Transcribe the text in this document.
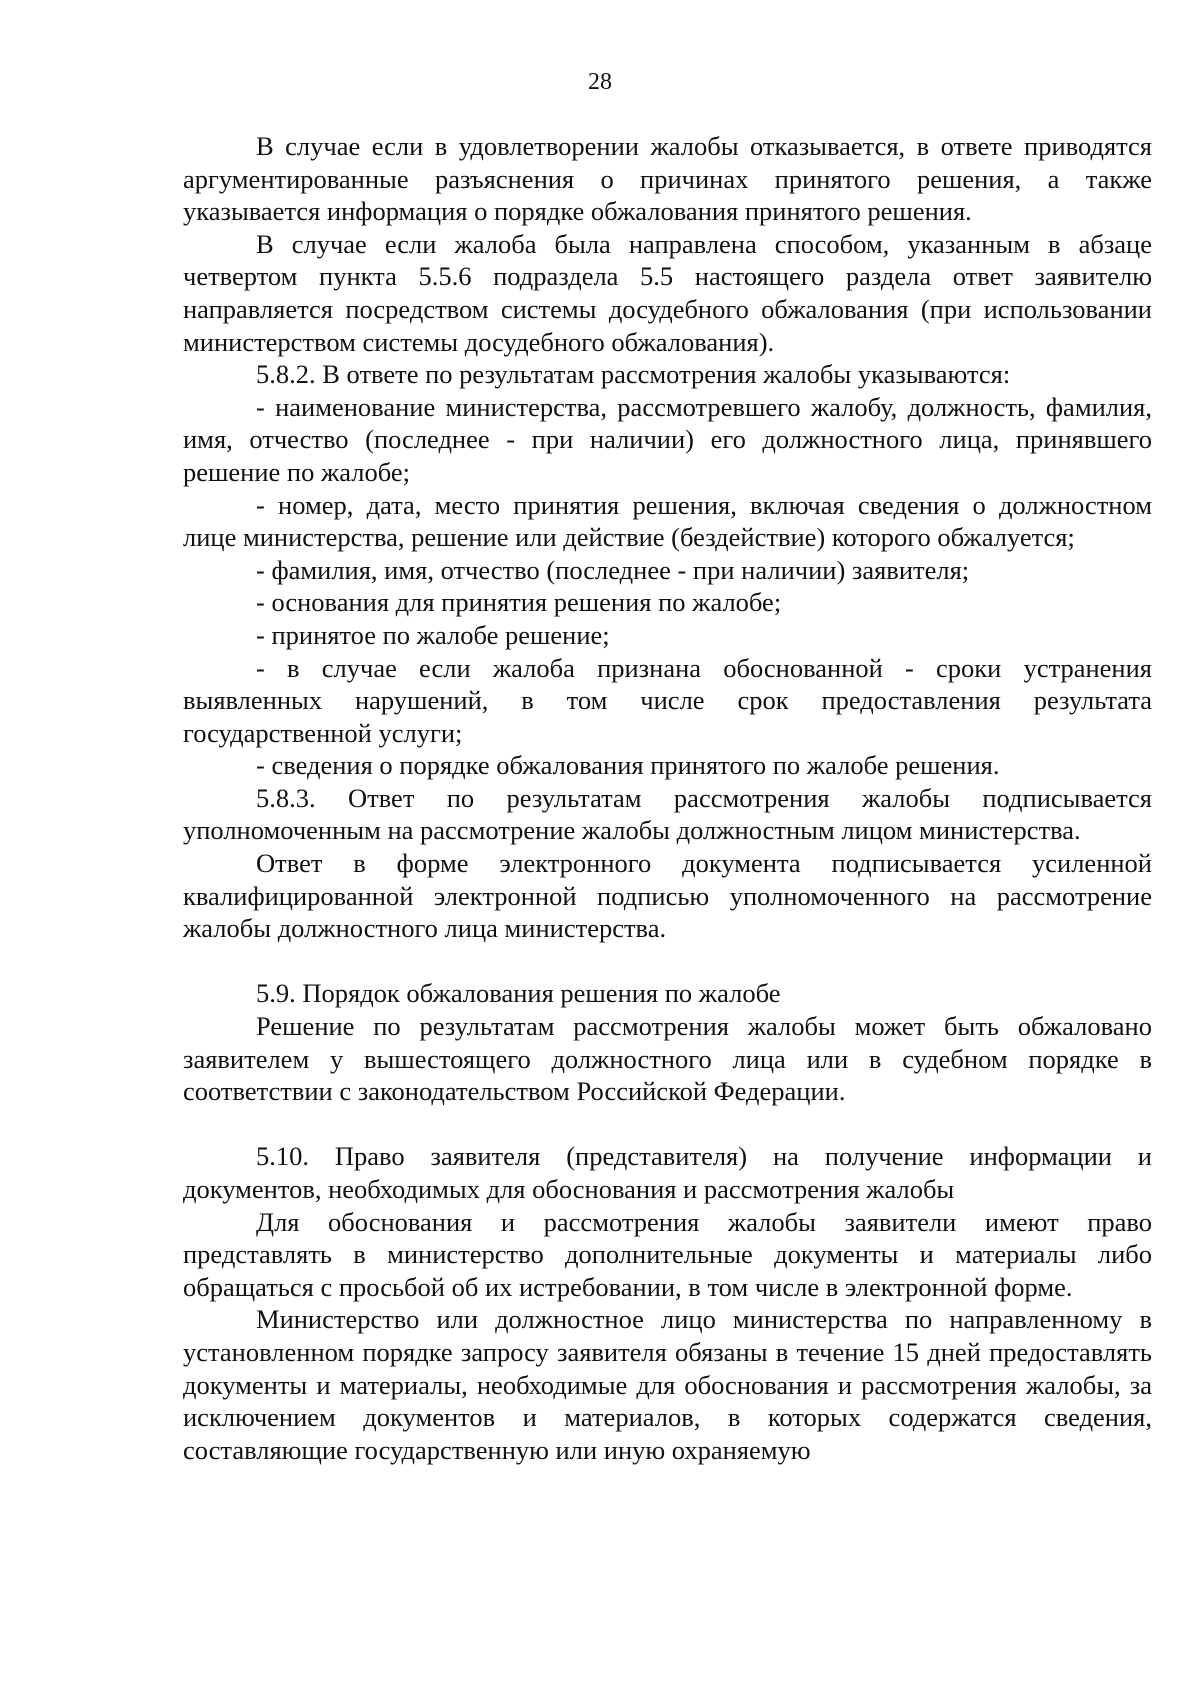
28

В случае если в удовлетворении жалобы отказывается, в ответе приводятся аргументированные разъяснения о причинах принятого решения, а также указывается информация о порядке обжалования принятого решения.

В случае если жалоба была направлена способом, указанным в абзаце четвертом пункта 5.5.6 подраздела 5.5 настоящего раздела ответ заявителю направляется посредством системы досудебного обжалования (при использовании министерством системы досудебного обжалования).

5.8.2. В ответе по результатам рассмотрения жалобы указываются:

- наименование министерства, рассмотревшего жалобу, должность, фамилия, имя, отчество (последнее - при наличии) его должностного лица, принявшего решение по жалобе;

- номер, дата, место принятия решения, включая сведения о должностном лице министерства, решение или действие (бездействие) которого обжалуется;

- фамилия, имя, отчество (последнее - при наличии) заявителя;

- основания для принятия решения по жалобе;

- принятое по жалобе решение;

- в случае если жалоба признана обоснованной - сроки устранения выявленных нарушений, в том числе срок предоставления результата государственной услуги;

- сведения о порядке обжалования принятого по жалобе решения.

5.8.3. Ответ по результатам рассмотрения жалобы подписывается уполномоченным на рассмотрение жалобы должностным лицом министерства.

Ответ в форме электронного документа подписывается усиленной квалифицированной электронной подписью уполномоченного на рассмотрение жалобы должностного лица министерства.

5.9. Порядок обжалования решения по жалобе

Решение по результатам рассмотрения жалобы может быть обжаловано заявителем у вышестоящего должностного лица или в судебном порядке в соответствии с законодательством Российской Федерации.

5.10. Право заявителя (представителя) на получение информации и документов, необходимых для обоснования и рассмотрения жалобы

Для обоснования и рассмотрения жалобы заявители имеют право представлять в министерство дополнительные документы и материалы либо обращаться с просьбой об их истребовании, в том числе в электронной форме.

Министерство или должностное лицо министерства по направленному в установленном порядке запросу заявителя обязаны в течение 15 дней предоставлять документы и материалы, необходимые для обоснования и рассмотрения жалобы, за исключением документов и материалов, в которых содержатся сведения, составляющие государственную или иную охраняемую
